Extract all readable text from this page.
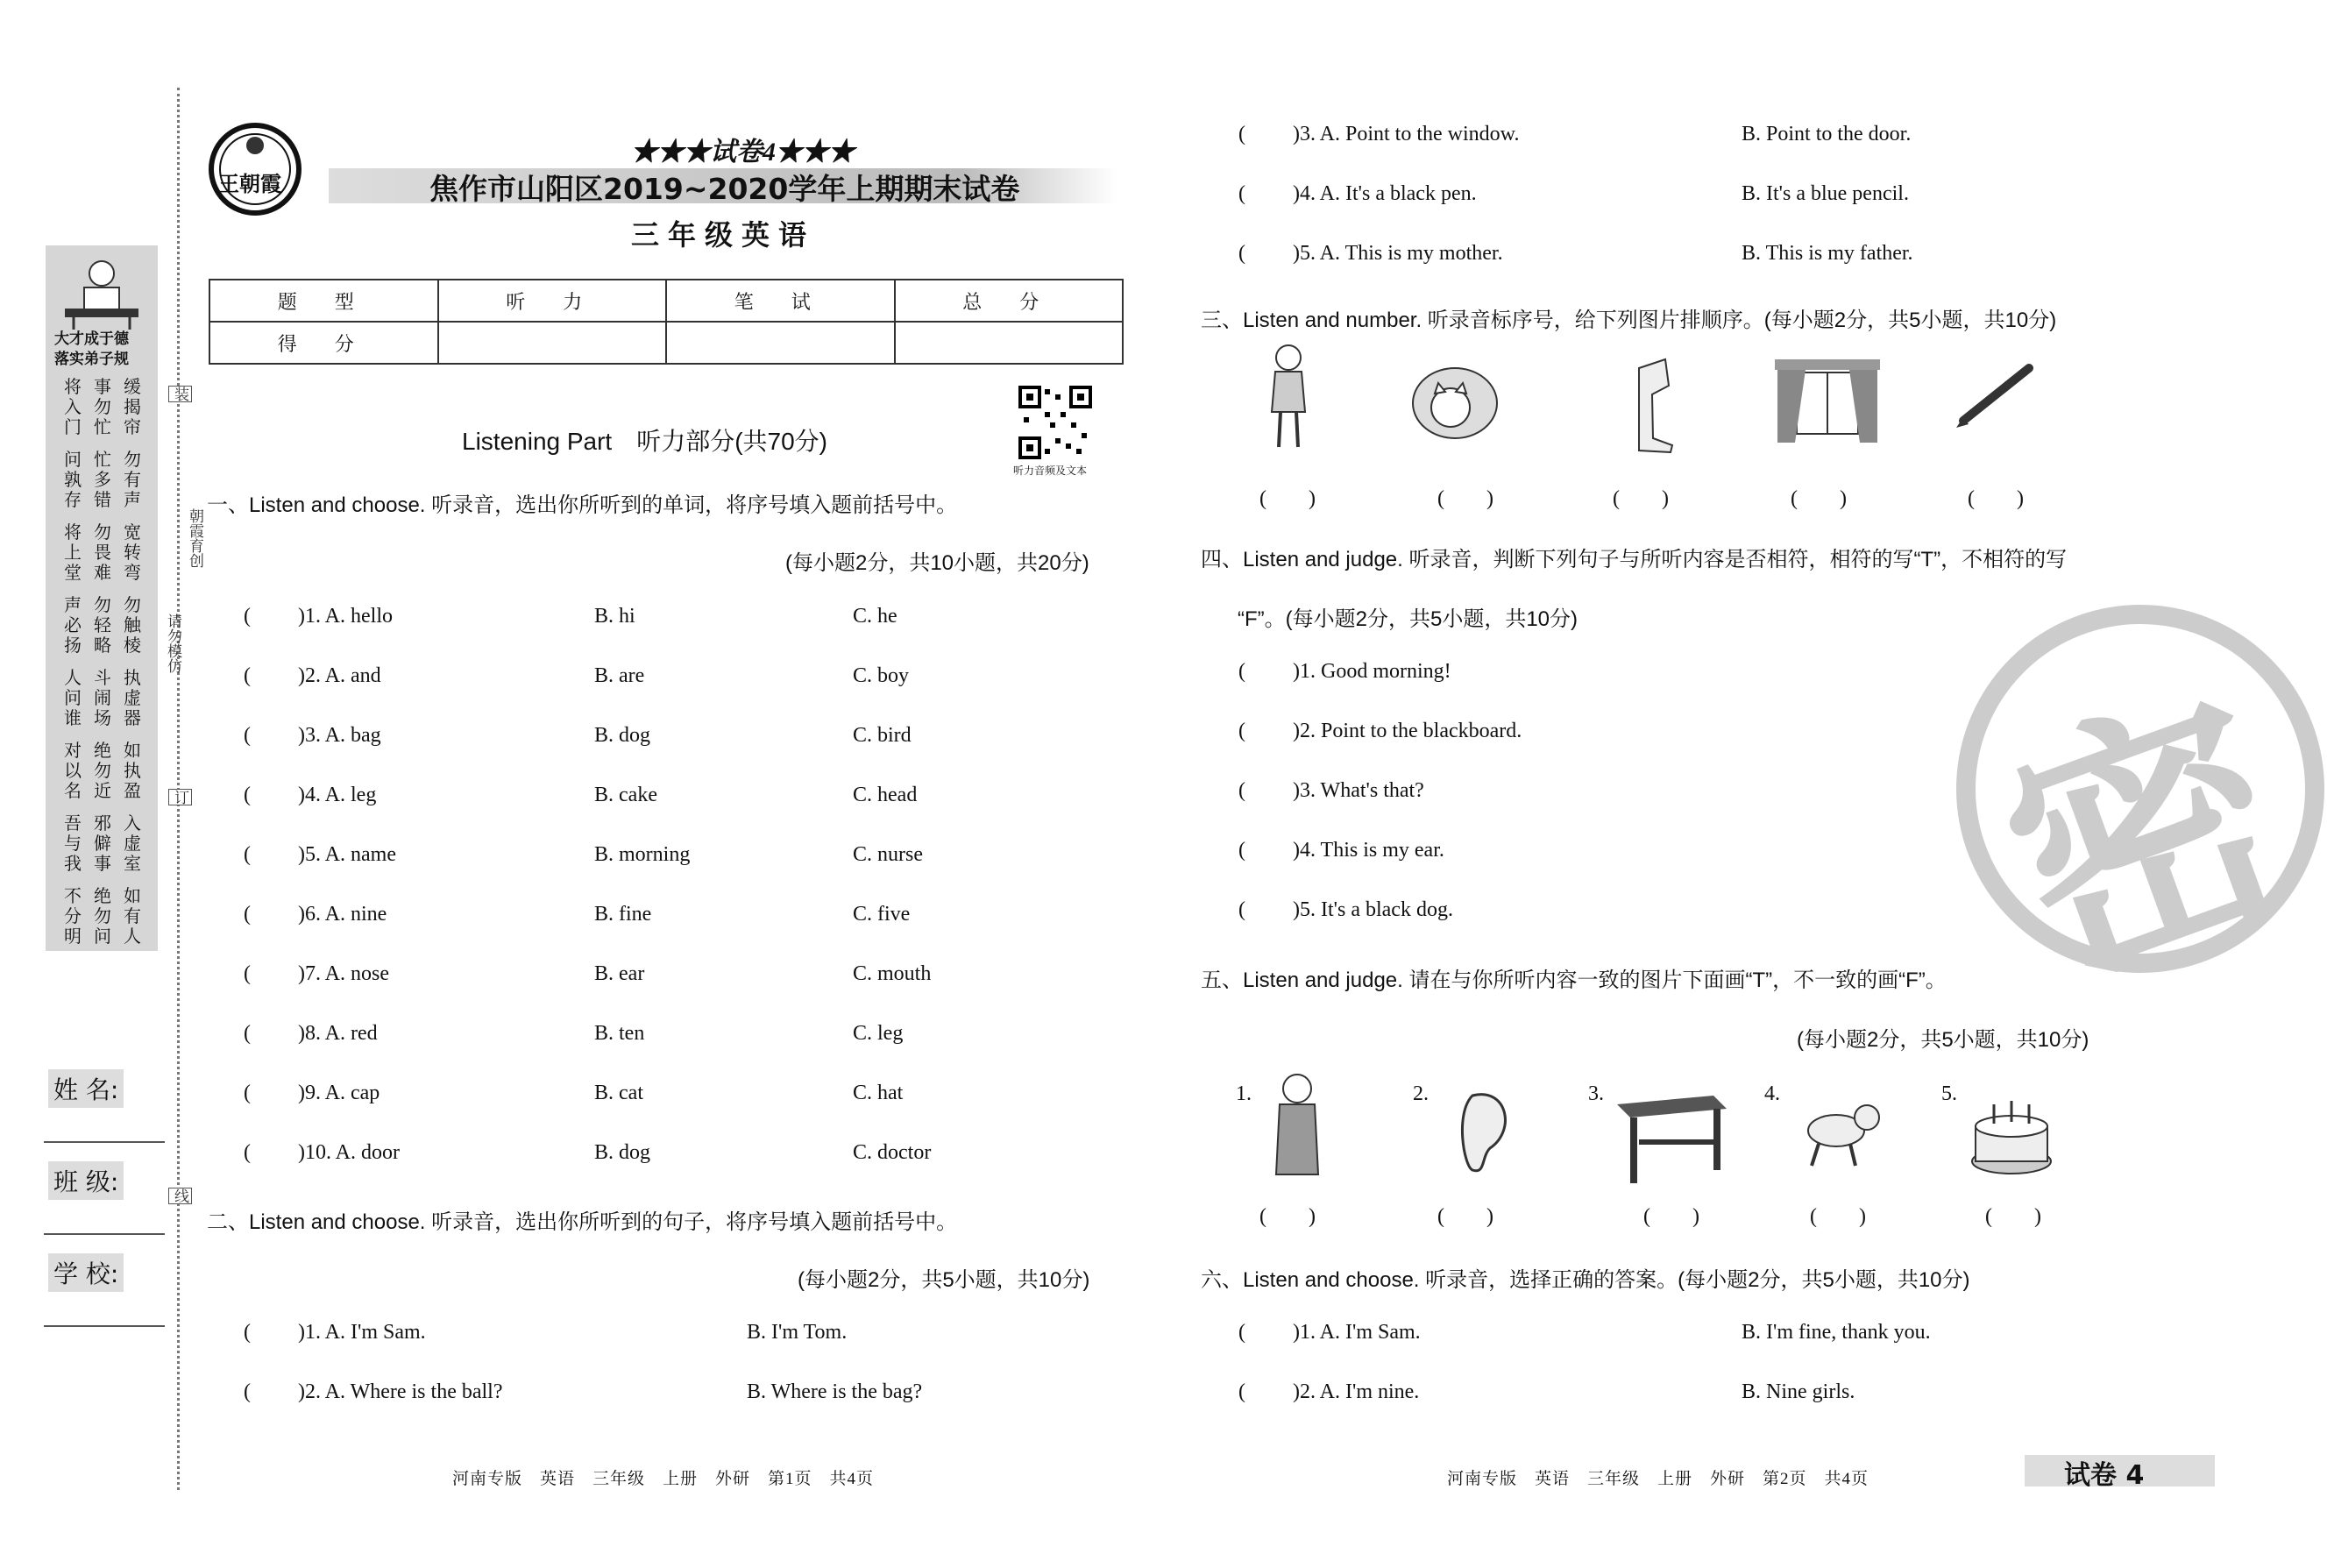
大才成于德
落实弟子规
将 事 缓
入 勿 揭
门 忙 帘
问 忙 勿
孰 多 有
存 错 声
将 勿 宽
上 畏 转
堂 难 弯
声 勿 勿
必 轻 触
扬 略 棱
人 斗 执
问 闹 虚
谁 场 器
对 绝 如
以 勿 执
名 近 盈
吾 邪 入
与 僻 虚
我 事 室
不 绝 如
分 勿 有
明 问 人
朝霞育创
请勿模仿
装
订
线
姓 名:
班 级:
学 校:
王朝霞
★★★试卷4★★★
焦作市山阳区2019~2020学年上期期末试卷
三年级英语
题 型	听 力	笔 试	总 分
得 分			
听力音频及文本
Listening Part　听力部分(共70分)
一、Listen and choose. 听录音，选出你所听到的单词，将序号填入题前括号中。
(每小题2分，共10小题，共20分)
( )1. A. hello	B. hi	C. he
( )2. A. and	B. are	C. boy
( )3. A. bag	B. dog	C. bird
( )4. A. leg	B. cake	C. head
( )5. A. name	B. morning	C. nurse
( )6. A. nine	B. fine	C. five
( )7. A. nose	B. ear	C. mouth
( )8. A. red	B. ten	C. leg
( )9. A. cap	B. cat	C. hat
( )10. A. door	B. dog	C. doctor
二、Listen and choose. 听录音，选出你所听到的句子，将序号填入题前括号中。
(每小题2分，共5小题，共10分)
( )1. A. I'm Sam.	B. I'm Tom.
( )2. A. Where is the ball?	B. Where is the bag?
( )3. A. Point to the window.	B. Point to the door.
( )4. A. It's a black pen.	B. It's a blue pencil.
( )5. A. This is my mother.	B. This is my father.
三、Listen and number. 听录音标序号，给下列图片排顺序。(每小题2分，共5小题，共10分)
(　　)	(　　)	(　　)	(　　)	(　　)
四、Listen and judge. 听录音，判断下列句子与所听内容是否相符，相符的写“T”，不相符的写
“F”。(每小题2分，共5小题，共10分)
( )1. Good morning!
( )2. Point to the blackboard.
( )3. What's that?
( )4. This is my ear.
( )5. It's a black dog. 密
五、Listen and judge. 请在与你所听内容一致的图片下面画“T”，不一致的画“F”。
(每小题2分，共5小题，共10分)
1.	2.	3.	4.	5.
(　　)	(　　)	(　　)	(　　)	(　　)
六、Listen and choose. 听录音，选择正确的答案。(每小题2分，共5小题，共10分)
( )1. A. I'm Sam.	B. I'm fine, thank you.
( )2. A. I'm nine.	B. Nine girls.
河南专版　英语　三年级　上册　外研　第1页　共4页	河南专版　英语　三年级　上册　外研　第2页　共4页	试卷 4
